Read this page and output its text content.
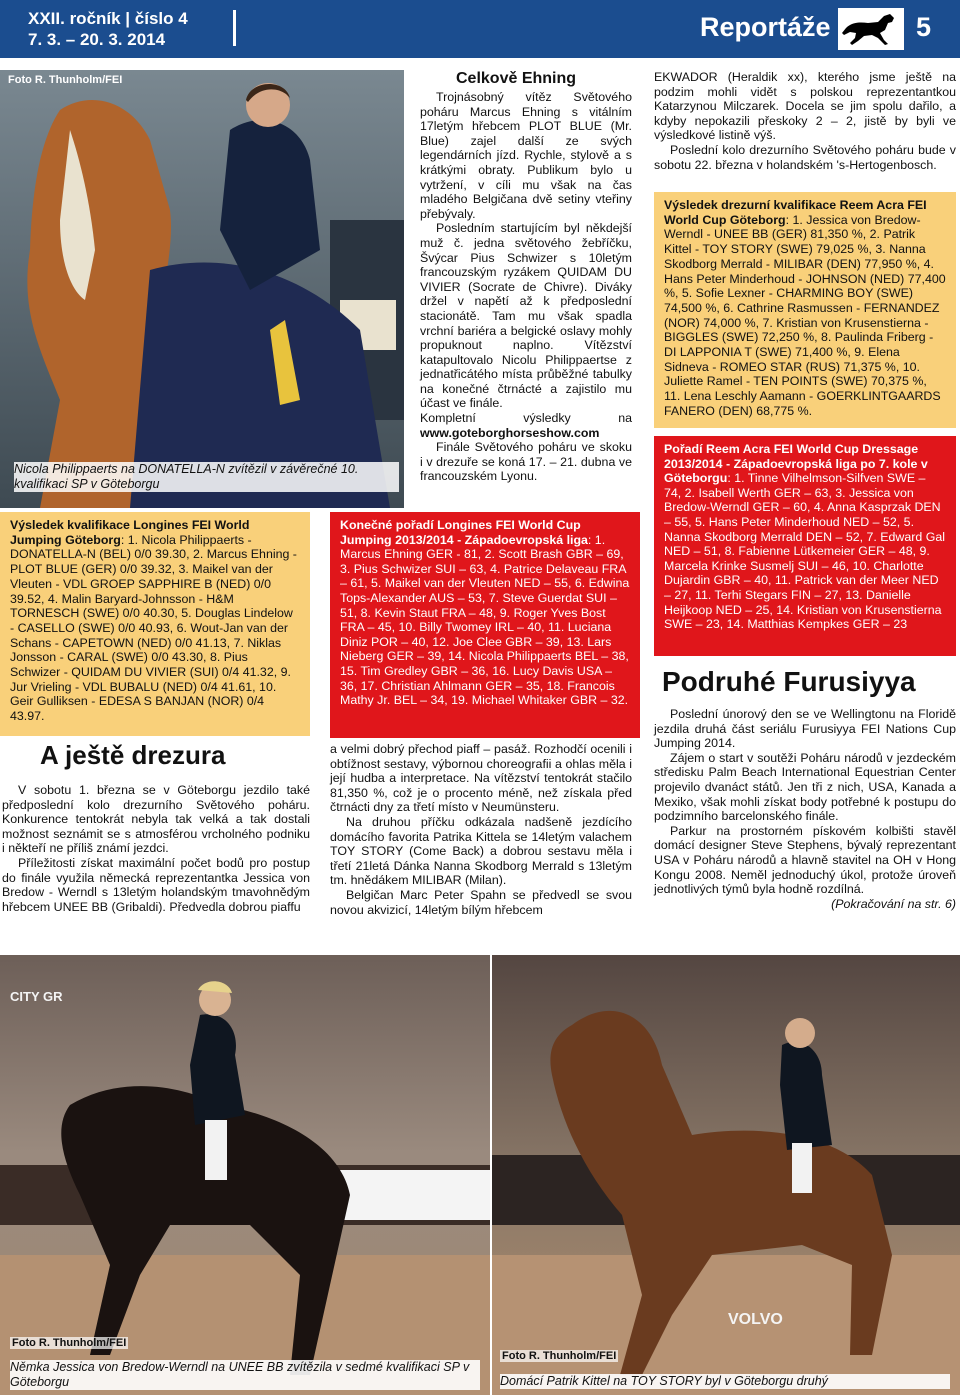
XXII. ročník | číslo 4
7. 3. – 20. 3. 2014	Reportáže	5
Foto R. Thunholm/FEI
Nicola Philippaerts na DONATELLA-N zvítězil v závěrečné 10. kvalifikaci SP v Göteborgu
Výsledek kvalifikace Longines FEI World Jumping Göteborg: 1. Nicola Philippaerts - DONATELLA-N (BEL) 0/0 39.30, 2. Marcus Ehning - PLOT BLUE (GER) 0/0 39.32, 3. Maikel van der Vleuten - VDL GROEP SAPPHIRE B (NED) 0/0 39.52, 4. Malin Baryard-Johnsson - H&M TORNESCH (SWE) 0/0 40.30, 5. Douglas Lindelow - CASELLO (SWE) 0/0 40.93, 6. Wout-Jan van der Schans - CAPETOWN (NED) 0/0 41.13, 7. Niklas Jonsson - CARAL (SWE) 0/0 43.30, 8. Pius Schwizer - QUIDAM DU VIVIER (SUI) 0/4 41.32, 9. Jur Vrieling - VDL BUBALU (NED) 0/4 41.61, 10. Geir Gulliksen - EDESA S BANJAN (NOR) 0/4 43.97.
A ještě drezura

V sobotu 1. března se v Göteborgu jezdilo také předposlední kolo drezurního Světového poháru. Konkurence tentokrát nebyla tak velká a tak dostali možnost seznámit se s atmosférou vrcholného podniku i někteří ne příliš známí jezdci.

Příležitosti získat maximální počet bodů pro postup do finále využila německá reprezentantka Jessica von Bredow - Werndl s 13letým holandským tmavohnědým hřebcem UNEE BB (Gribaldi). Předvedla dobrou piaffu

Celkově Ehning

Trojnásobný vítěz Světového poháru Marcus Ehning s vitálním 17letým hřebcem PLOT BLUE (Mr. Blue) zajel další ze svých legendárních jízd. Rychle, stylově a s krátkými obraty. Publikum bylo u vytržení, v cíli mu však na čas mladého Belgičana dvě setiny vteřiny přebývaly.

Posledním startujícím byl někdejší muž č. jedna světového žebříčku, Švýcar Pius Schwizer s 10letým francouzským ryzákem QUIDAM DU VIVIER (Socrate de Chivre). Diváky držel v napětí až k předposlední stacionátě. Tam mu však spadla vrchní bariéra a belgické oslavy mohly propuknout naplno. Vítězství katapultovalo Nicolu Philippaertse z jednatřicátého místa průběžné tabulky na konečné čtrnácté a zajistilo mu účast ve finále.

Kompletní výsledky na www.goteborghorseshow.com

Finále Světového poháru ve skoku i v drezuře se koná 17. – 21. dubna ve francouzském Lyonu.

Konečné pořadí Longines FEI World Cup Jumping 2013/2014 - Západoevropská liga: 1. Marcus Ehning GER - 81, 2. Scott Brash GBR – 69, 3. Pius Schwizer SUI – 63, 4. Patrice Delaveau FRA – 61, 5. Maikel van der Vleuten NED – 55, 6. Edwina Tops-Alexander AUS – 53, 7. Steve Guerdat SUI – 51, 8. Kevin Staut FRA – 48, 9. Roger Yves Bost FRA – 45, 10. Billy Twomey IRL – 40, 11. Luciana Diniz POR – 40, 12. Joe Clee GBR – 39, 13. Lars Nieberg GER – 39, 14. Nicola Philippaerts BEL – 38, 15. Tim Gredley GBR – 36, 16. Lucy Davis USA – 36, 17. Christian Ahlmann GER – 35, 18. Francois Mathy Jr. BEL – 34, 19. Michael Whitaker GBR – 32.

a velmi dobrý přechod piaff – pasáž. Rozhodčí ocenili i obtížnost sestavy, výbornou choreografii a ohlas měla i její hudba a interpretace. Na vítězství tentokrát stačilo 81,350 %, což je o procento méně, než získala před čtrnácti dny za třetí místo v Neumünsteru.

Na druhou příčku odkázala nadšeně jezdícího domácího favorita Patrika Kittela se 14letým valachem TOY STORY (Come Back) a dobrou sestavu měla i třetí 21letá Dánka Nanna Skodborg Merrald s 13letým tm. hnědákem MILIBAR (Milan).

Belgičan Marc Peter Spahn se předvedl se svou novou akvizicí, 14letým bílým hřebcem

EKWADOR (Heraldik xx), kterého jsme ještě na podzim mohli vidět s polskou reprezentantkou Katarzynou Milczarek. Docela se jim spolu dařilo, a kdyby nepokazili přeskoky 2 – 2, jistě by byli ve výsledkové listině výš.

Poslední kolo drezurního Světového poháru bude v sobotu 22. března v holandském 's-Hertogenbosch.

Výsledek drezurní kvalifikace Reem Acra FEI World Cup Göteborg: 1. Jessica von Bredow-Werndl - UNEE BB (GER) 81,350 %, 2. Patrik Kittel - TOY STORY (SWE) 79,025 %, 3. Nanna Skodborg Merrald - MILIBAR (DEN) 77,950 %, 4. Hans Peter Minderhoud - JOHNSON (NED) 77,400 %, 5. Sofie Lexner - CHARMING BOY (SWE) 74,500 %, 6. Cathrine Rasmussen - FERNANDEZ (NOR) 74,000 %, 7. Kristian von Krusenstierna - BIGGLES (SWE) 72,250 %, 8. Paulinda Friberg - DI LAPPONIA T (SWE) 71,400 %, 9. Elena Sidneva - ROMEO STAR (RUS) 71,375 %, 10. Juliette Ramel - TEN POINTS (SWE) 70,375 %, 11. Lena Leschly Aamann - GOERKLINTGAARDS FANERO (DEN) 68,775 %.
Pořadí Reem Acra FEI World Cup Dressage 2013/2014 - Západoevropská liga po 7. kole v Göteborgu: 1. Tinne Vilhelmson-Silfven SWE – 74, 2. Isabell Werth GER – 63, 3. Jessica von Bredow-Werndl GER – 60, 4. Anna Kasprzak DEN – 55, 5. Hans Peter Minderhoud NED – 52, 5. Nanna Skodborg Merrald DEN – 52, 7. Edward Gal NED – 51, 8. Fabienne Lütkemeier GER – 48, 9. Marcela Krinke Susmelj SUI – 46, 10. Charlotte Dujardin GBR – 40, 11. Patrick van der Meer NED – 27, 11. Terhi Stegars FIN – 27, 13. Danielle Heijkoop NED – 25, 14. Kristian von Krusenstierna SWE – 23, 14. Matthias Kempkes GER – 23
Podruhé Furusiyya

Poslední únorový den se ve Wellingtonu na Floridě jezdila druhá část seriálu Furusiyya FEI Nations Cup Jumping 2014.

Zájem o start v soutěži Poháru národů v jezdeckém středisku Palm Beach International Equestrian Center projevilo dvanáct států. Jen tři z nich, USA, Kanada a Mexiko, však mohli získat body potřebné k postupu do podzimního barcelonského finále.

Parkur na prostorném pískovém kolbišti stavěl domácí designer Steve Stephens, bývalý reprezentant USA v Poháru národů a hlavně stavitel na OH v Hong Kongu 2008. Neměl jednoduchý úkol, protože úroveň jednotlivých týmů byla hodně rozdílná.

(Pokračování na str. 6)

CITY GR
Foto R. Thunholm/FEI
Němka Jessica von Bredow-Werndl na UNEE BB zvítězila v sedmé kvalifikaci SP v Göteborgu
VOLVO
Foto R. Thunholm/FEI
Domácí Patrik Kittel na TOY STORY byl v Göteborgu druhý
